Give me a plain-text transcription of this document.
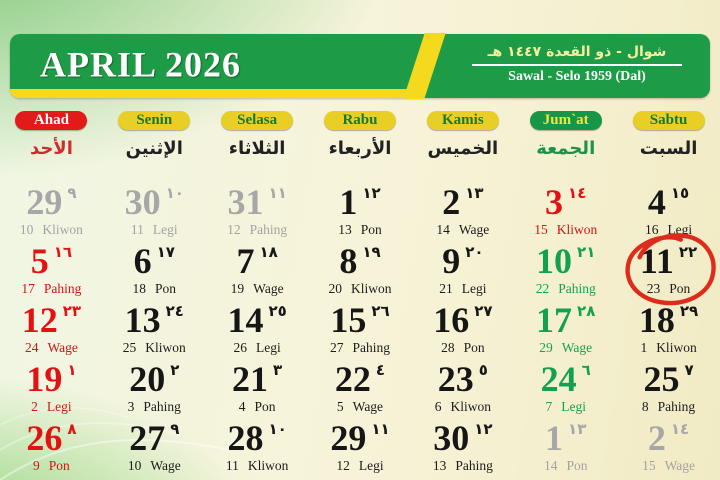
APRIL 2026	شوال - ذو القعدة ١٤٤٧ هـ
Sawal - Selo 1959 (Dal)
Ahad
الأحد
Senin
الإثنين
Selasa
الثلاثاء
Rabu
الأربعاء
Kamis
الخميس
Jum`at
الجمعة
Sabtu
السبت
29 ٩
10 Kliwon
30 ١٠
11 Legi
31 ١١
12 Pahing
1 ١٢
13 Pon
2 ١٣
14 Wage
3 ١٤
15 Kliwon
4 ١٥
16 Legi
5 ١٦
17 Pahing
6 ١٧
18 Pon
7 ١٨
19 Wage
8 ١٩
20 Kliwon
9 ٢٠
21 Legi
10 ٢١
22 Pahing
11 ٢٢
23 Pon
12 ٢٣
24 Wage
13 ٢٤
25 Kliwon
14 ٢٥
26 Legi
15 ٢٦
27 Pahing
16 ٢٧
28 Pon
17 ٢٨
29 Wage
18 ٢٩
1 Kliwon
19 ١
2 Legi
20 ٢
3 Pahing
21 ٣
4 Pon
22 ٤
5 Wage
23 ٥
6 Kliwon
24 ٦
7 Legi
25 ٧
8 Pahing
26 ٨
9 Pon
27 ٩
10 Wage
28 ١٠
11 Kliwon
29 ١١
12 Legi
30 ١٢
13 Pahing
1 ١٣
14 Pon
2 ١٤
15 Wage
